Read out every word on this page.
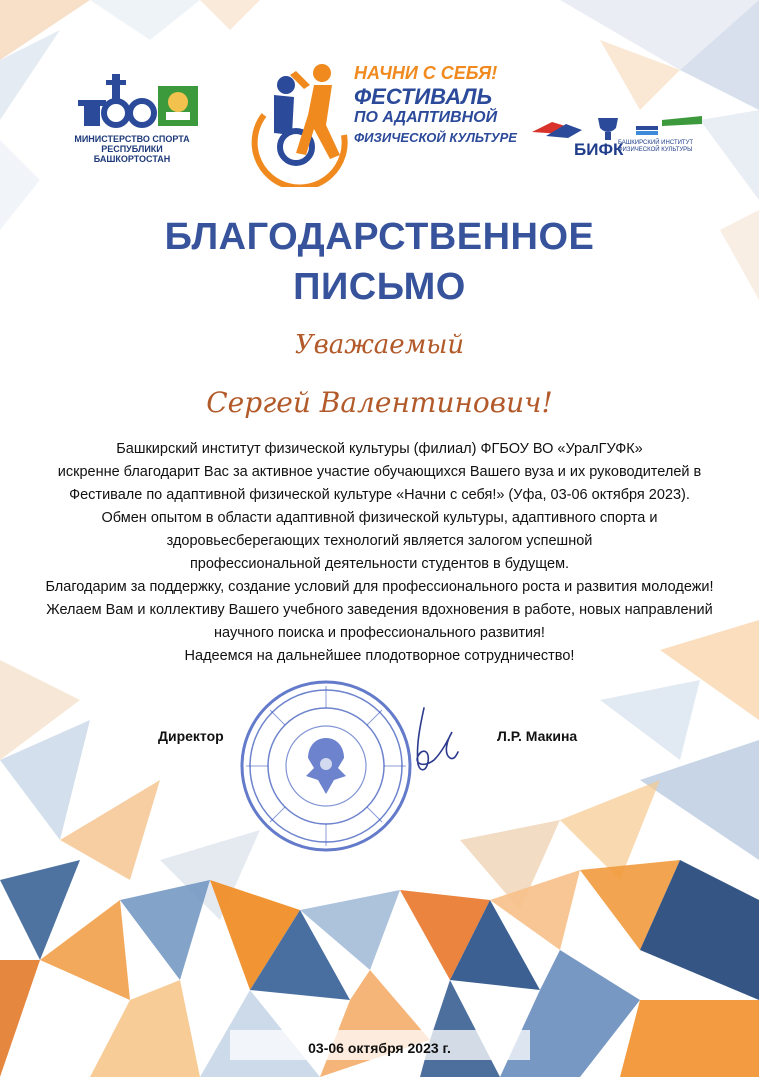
МИНИСТЕРСТВО СПОРТА
РЕСПУБЛИКИ БАШКОРТОСТАН
НАЧНИ С СЕБЯ!
ФЕСТИВАЛЬ
ПО АДАПТИВНОЙ
ФИЗИЧЕСКОЙ КУЛЬТУРЕ
БИФК
БАШКИРСКИЙ ИНСТИТУТ
ФИЗИЧЕСКОЙ КУЛЬТУРЫ
БЛАГОДАРСТВЕННОЕ
ПИСЬМО
Уважаемый
Сергей Валентинович!
Башкирский институт физической культуры (филиал) ФГБОУ ВО «УралГУФК»
искренне благодарит Вас за активное участие обучающихся Вашего вуза и их руководителей в
Фестивале по адаптивной физической культуре «Начни с себя!» (Уфа, 03-06 октября 2023).
Обмен опытом в области адаптивной физической культуры, адаптивного спорта и
здоровьесберегающих технологий является залогом успешной
профессиональной деятельности студентов в будущем.
Благодарим за поддержку, создание условий для профессионального роста и развития молодежи!
Желаем Вам и коллективу Вашего учебного заведения вдохновения в работе, новых направлений
научного поиска и профессионального развития!
Надеемся на дальнейшее плодотворное сотрудничество!
Директор	Л.Р. Макина
03-06 октября 2023 г.
